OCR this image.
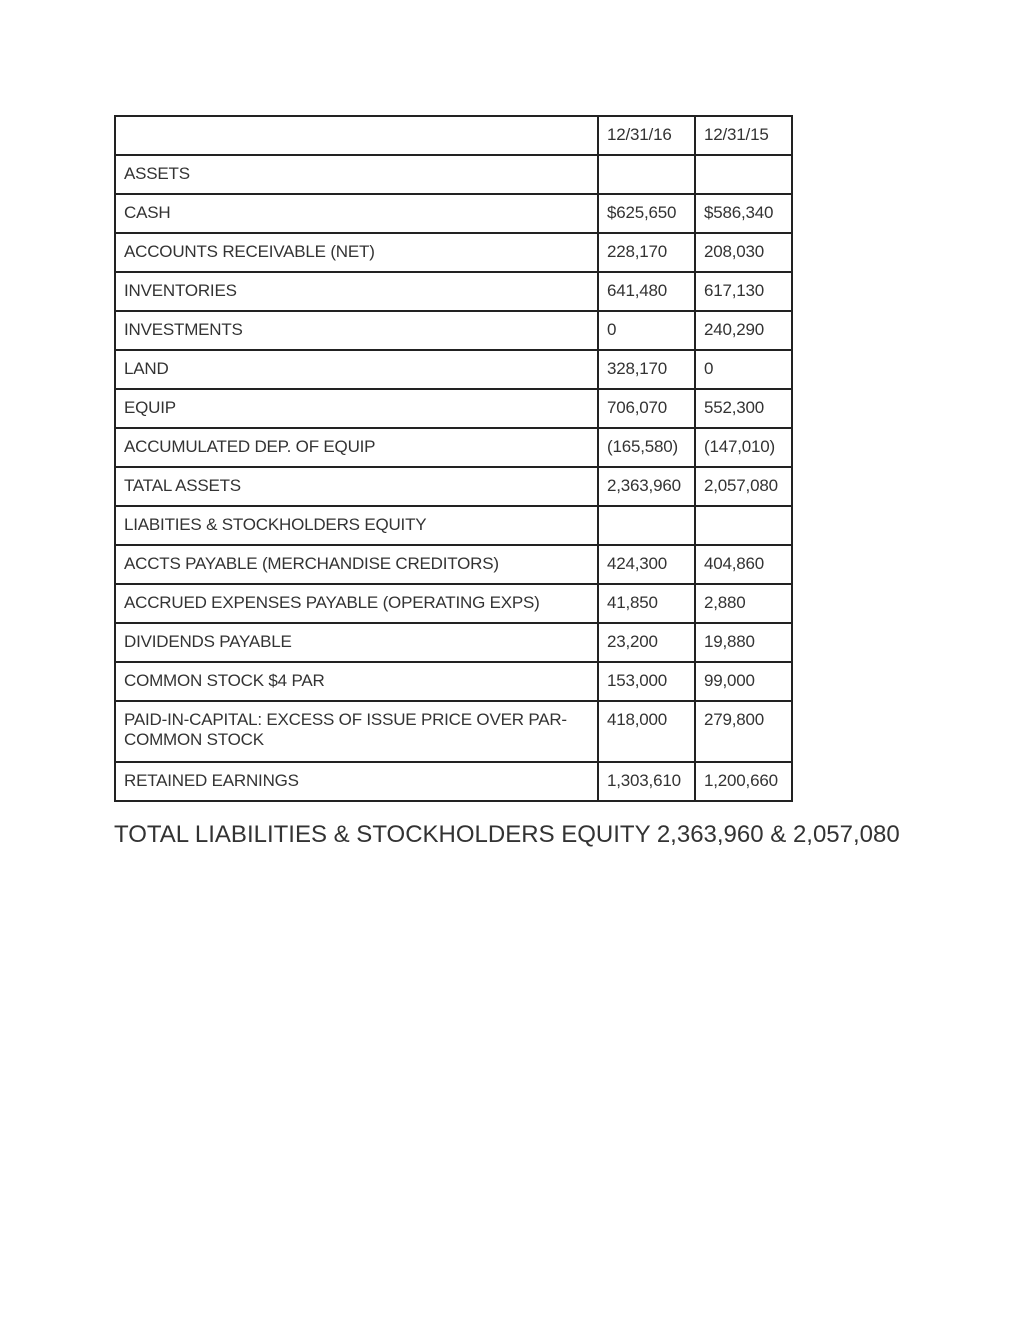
	12/31/16	12/31/15
ASSETS		
CASH	$625,650	$586,340
ACCOUNTS RECEIVABLE (NET)	228,170	208,030
INVENTORIES	641,480	617,130
INVESTMENTS	0	240,290
LAND	328,170	0
EQUIP	706,070	552,300
ACCUMULATED DEP. OF EQUIP	(165,580)	(147,010)
TATAL ASSETS	2,363,960	2,057,080
LIABITIES & STOCKHOLDERS EQUITY		
ACCTS PAYABLE (MERCHANDISE CREDITORS)	424,300	404,860
ACCRUED EXPENSES PAYABLE (OPERATING EXPS)	41,850	2,880
DIVIDENDS PAYABLE	23,200	19,880
COMMON STOCK $4 PAR	153,000	99,000
PAID-IN-CAPITAL: EXCESS OF ISSUE PRICE OVER PAR-COMMON STOCK	418,000	279,800
RETAINED EARNINGS	1,303,610	1,200,660
TOTAL LIABILITIES & STOCKHOLDERS EQUITY 2,363,960 & 2,057,080
